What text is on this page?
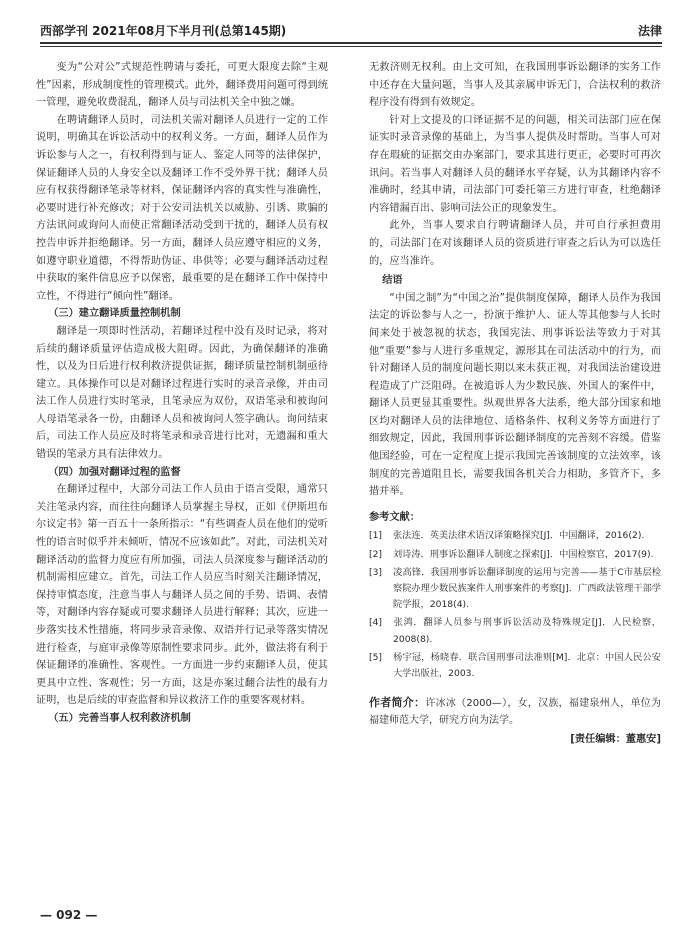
西部学刊 2021年08月下半月刊(总第145期)	法律

变为“公对公”式规范性聘请与委托，可更大限度去除“主观性”因素，形成制度性的管理模式。此外，翻译费用问题可得到统一管理，避免收费混乱，翻译人员与司法机关全中独之嫌。

在聘请翻译人员时，司法机关需对翻译人员进行一定的工作说明，明确其在诉讼活动中的权利义务。一方面，翻译人员作为诉讼参与人之一，有权利得到与证人、鉴定人同等的法律保护，保证翻译人员的人身安全以及翻译工作不受外界干扰；翻译人员应有权获得翻译笔录等材料，保证翻译内容的真实性与准确性，必要时进行补充修改；对于公安司法机关以威胁、引诱、欺骗的方法讯问或询问人而使正常翻译活动受到干扰的，翻译人员有权控告申诉并拒绝翻译。另一方面，翻译人员应遵守相应的义务，如遵守职业道德，不得帮助伪证、串供等；必要与翻译活动过程中获取的案件信息应予以保密，最重要的是在翻译工作中保持中立性，不得进行“倾向性”翻译。

（三）建立翻译质量控制机制

翻译是一项即时性活动，若翻译过程中没有及时记录，将对后续的翻译质量评估造成极大阻碍。因此，为确保翻译的准确性，以及为日后进行权利救济提供证据，翻译质量控制机制亟待建立。具体操作可以是对翻译过程进行实时的录音录像，并由司法工作人员进行实时笔录，且笔录应为双份，双语笔录和被询问人母语笔录各一份，由翻译人员和被询问人签字确认。询问结束后，司法工作人员应及时将笔录和录音进行比对，无遗漏和重大错误的笔录方具有法律效力。

（四）加强对翻译过程的监督

在翻译过程中，大部分司法工作人员由于语言受限，通常只关注笔录内容，而往往向翻译人员掌握主导权，正如《伊斯坦布尔议定书》第一百五十一条所指示：“有些调查人员在他们的觉听性的语言时似乎并未倾听，情况不应该如此”。对此，司法机关对翻译活动的监督力度应有所加强，司法人员深度参与翻译活动的机制需相应建立。首先，司法工作人员应当时刻关注翻译情况，保持审慎态度，注意当事人与翻译人员之间的手势、语调、表情等，对翻译内容存疑或可要求翻译人员进行解释；其次，应进一步落实技术性措施，将同步录音录像、双语并行记录等落实情况进行检查，与庭审录像等原制性要求同步。此外，做法将有利于保证翻译的准确性、客观性。一方面进一步约束翻译人员，使其更具中立性、客观性；另一方面，这是亦案过翻合法性的最有力证明，也是后续的审查监督和异议救济工作的重要客观材料。

（五）完善当事人权利救济机制

无救济则无权利。由上文可知，在我国刑事诉讼翻译的实务工作中还存在大量问题，当事人及其亲属申诉无门，合法权利的救济程序没有得到有效规定。

针对上文提及的口译证据不足的问题，相关司法部门应在保证实时录音录像的基础上，为当事人提供及时帮助。当事人可对存在瑕疵的证据交由办案部门，要求其进行更正，必要时可再次讯问。若当事人对翻译人员的翻译水平存疑，认为其翻译内容不准确时，经其申请，司法部门可委托第三方进行审查，杜绝翻译内容错漏百出、影响司法公正的现象发生。

此外，当事人要求自行聘请翻译人员，并可自行承担费用的，司法部门在对该翻译人员的资质进行审查之后认为可以选任的，应当准许。

结语

“中国之制”为“中国之治”提供制度保障，翻译人员作为我国法定的诉讼参与人之一，扮演于维护人、证人等其他参与人长时间来处于被忽视的状态，我国宪法、刑事诉讼法等致力于对其他“重要”参与人进行多重规定，源形其在司法活动中的行为，而针对翻译人员的制度问题长期以来未获正视，对我国法治建设进程造成了广泛阻碍。在被追诉人为少数民族、外国人的案件中，翻译人员更显其重要性。纵观世界各大法系，绝大部分国家和地区均对翻译人员的法律地位、适格条件、权利义务等方面进行了细致规定，因此，我国刑事诉讼翻译制度的完善刻不容缓。借鉴他国经验，可在一定程度上提示我国完善该制度的立法效率，该制度的完善道阻且长，需要我国各机关合力相助，多管齐下，多措并举。

参考文献：
[1] 张法连．英美法律术语汉译策略探究[J]．中国翻译，2016(2).
[2] 刘诗涛．刑事诉讼翻译人制度之探索[J]．中国检察官，2017(9).
[3] 凌高锋．我国刑事诉讼翻译制度的运用与完善——基于C市基层检察院办理少数民族案件人刑事案件的考察[J]．广西政法管理干部学院学报，2018(4).
[4] 张鸿．翻译人员参与刑事诉讼活动及特殊规定[J]．人民检察，2008(8).
[5] 杨宇冠，杨晓春．联合国刑事司法准则[M]．北京：中国人民公安大学出版社，2003.
作者简介：许冰冰（2000—），女，汉族，福建泉州人，单位为福建师范大学，研究方向为法学。
[责任编辑：董惠安]
— 092 —
